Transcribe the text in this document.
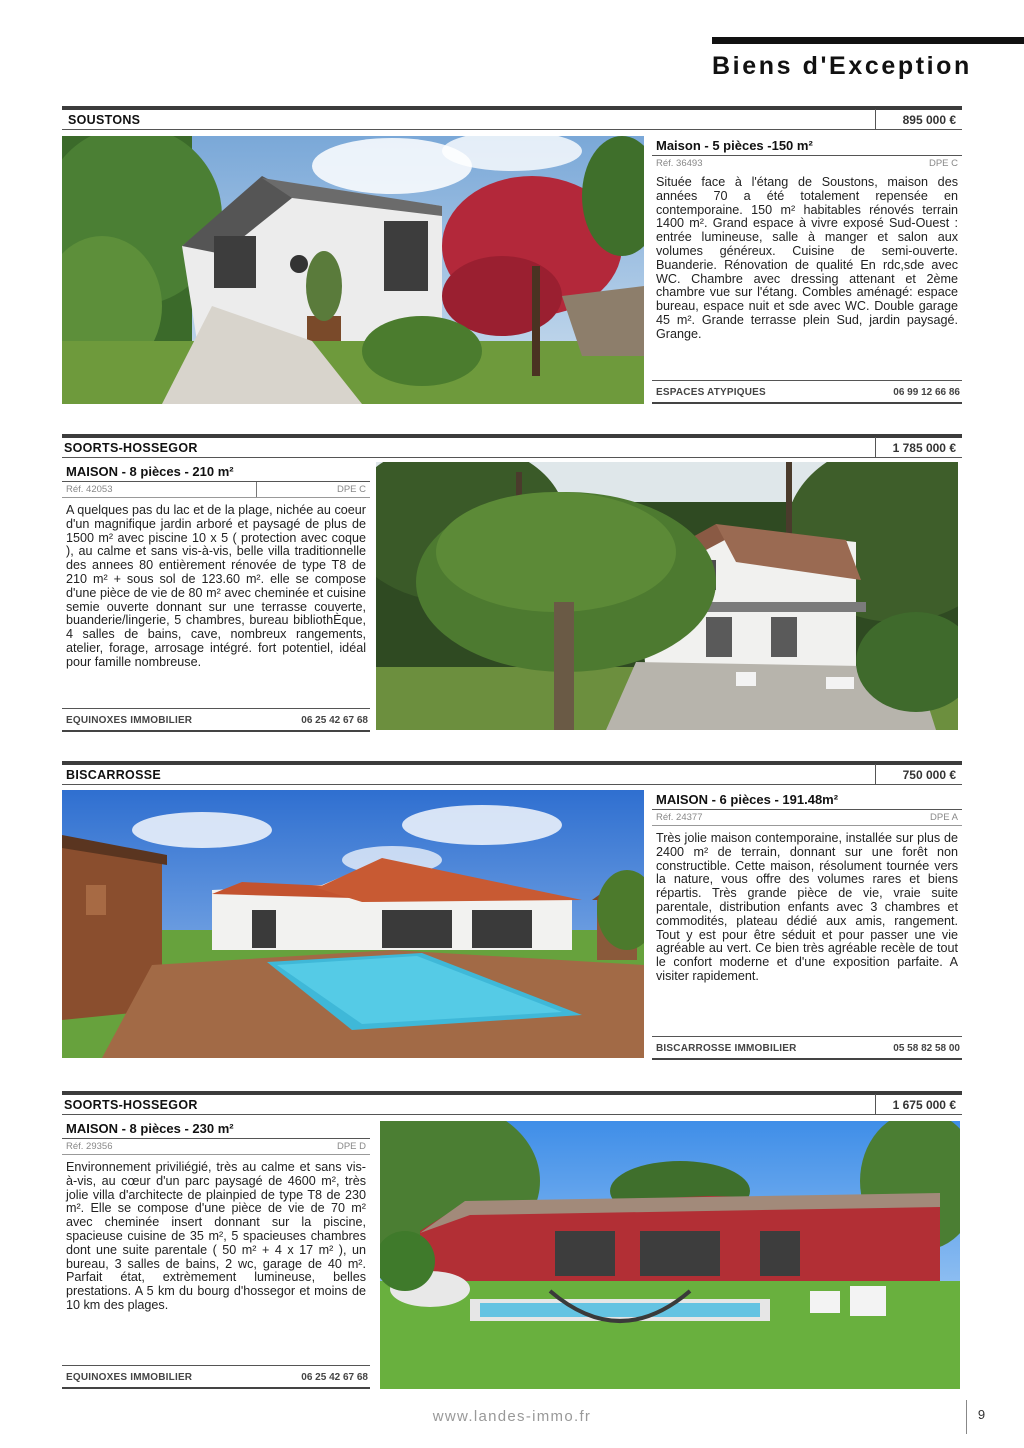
Biens d'Exception
SOUSTONS	895 000 €
Maison - 5 pièces -150 m²
Réf. 36493	DPE C
Située face à l'étang de Soustons, maison des années 70 a été totalement repensée en contemporaine. 150 m² habitables rénovés terrain 1400 m². Grand espace à vivre exposé Sud-Ouest : entrée lumineuse, salle à manger et salon aux volumes généreux. Cuisine de semi-ouverte. Buanderie. Rénovation de qualité En rdc,sde avec WC. Chambre avec dressing attenant et 2ème chambre vue sur l'étang. Combles aménagé: espace bureau, espace nuit et sde avec WC. Double garage 45 m². Grande terrasse plein Sud, jardin paysagé. Grange.
ESPACES ATYPIQUES	06 99 12 66 86
SOORTS-HOSSEGOR	1 785 000 €
MAISON - 8 pièces - 210 m²
Réf. 42053	DPE C
A quelques pas du lac et de la plage, nichée au coeur d'un magnifique jardin arboré et paysagé de plus de 1500 m² avec piscine 10 x 5 ( protection avec coque ), au calme et sans vis-à-vis, belle villa traditionnelle des annees 80 entièrement rénovée de type T8 de 210 m² + sous sol de 123.60 m². elle se compose d'une pièce de vie de 80 m² avec cheminée et cuisine semie ouverte donnant sur une terrasse couverte, buanderie/lingerie, 5 chambres, bureau bibliothÈque, 4 salles de bains, cave, nombreux rangements, atelier, forage, arrosage intégré. fort potentiel, idéal pour famille nombreuse.
EQUINOXES IMMOBILIER	06 25 42 67 68
BISCARROSSE	750 000 €
MAISON - 6 pièces - 191.48m²
Réf. 24377	DPE A
Très jolie maison contemporaine, installée sur plus de 2400 m² de terrain, donnant sur une forêt non constructible. Cette maison, résolument tournée vers la nature, vous offre des volumes rares et biens répartis. Très grande pièce de vie, vraie suite parentale, distribution enfants avec 3 chambres et commodités, plateau dédié aux amis, rangement. Tout y est pour être séduit et pour passer une vie agréable au vert. Ce bien très agréable recèle de tout le confort moderne et d'une exposition parfaite. A visiter rapidement.
BISCARROSSE IMMOBILIER	05 58 82 58 00
SOORTS-HOSSEGOR	1 675 000 €
MAISON - 8 pièces - 230 m²
Réf. 29356	DPE D
Environnement priviliégié, très au calme et sans vis-à-vis, au cœur d'un parc paysagé de 4600 m², très jolie villa d'architecte de plainpied de type T8 de 230 m². Elle se compose d'une pièce de vie de 70 m² avec cheminée insert donnant sur la piscine, spacieuse cuisine de 35 m², 5 spacieuses chambres dont une suite parentale ( 50 m² + 4 x 17 m² ), un bureau, 3 salles de bains, 2 wc, garage de 40 m². Parfait état, extrèmement lumineuse, belles prestations. A 5 km du bourg d'hossegor et moins de 10 km des plages.
EQUINOXES IMMOBILIER	06 25 42 67 68
www.landes-immo.fr	9
